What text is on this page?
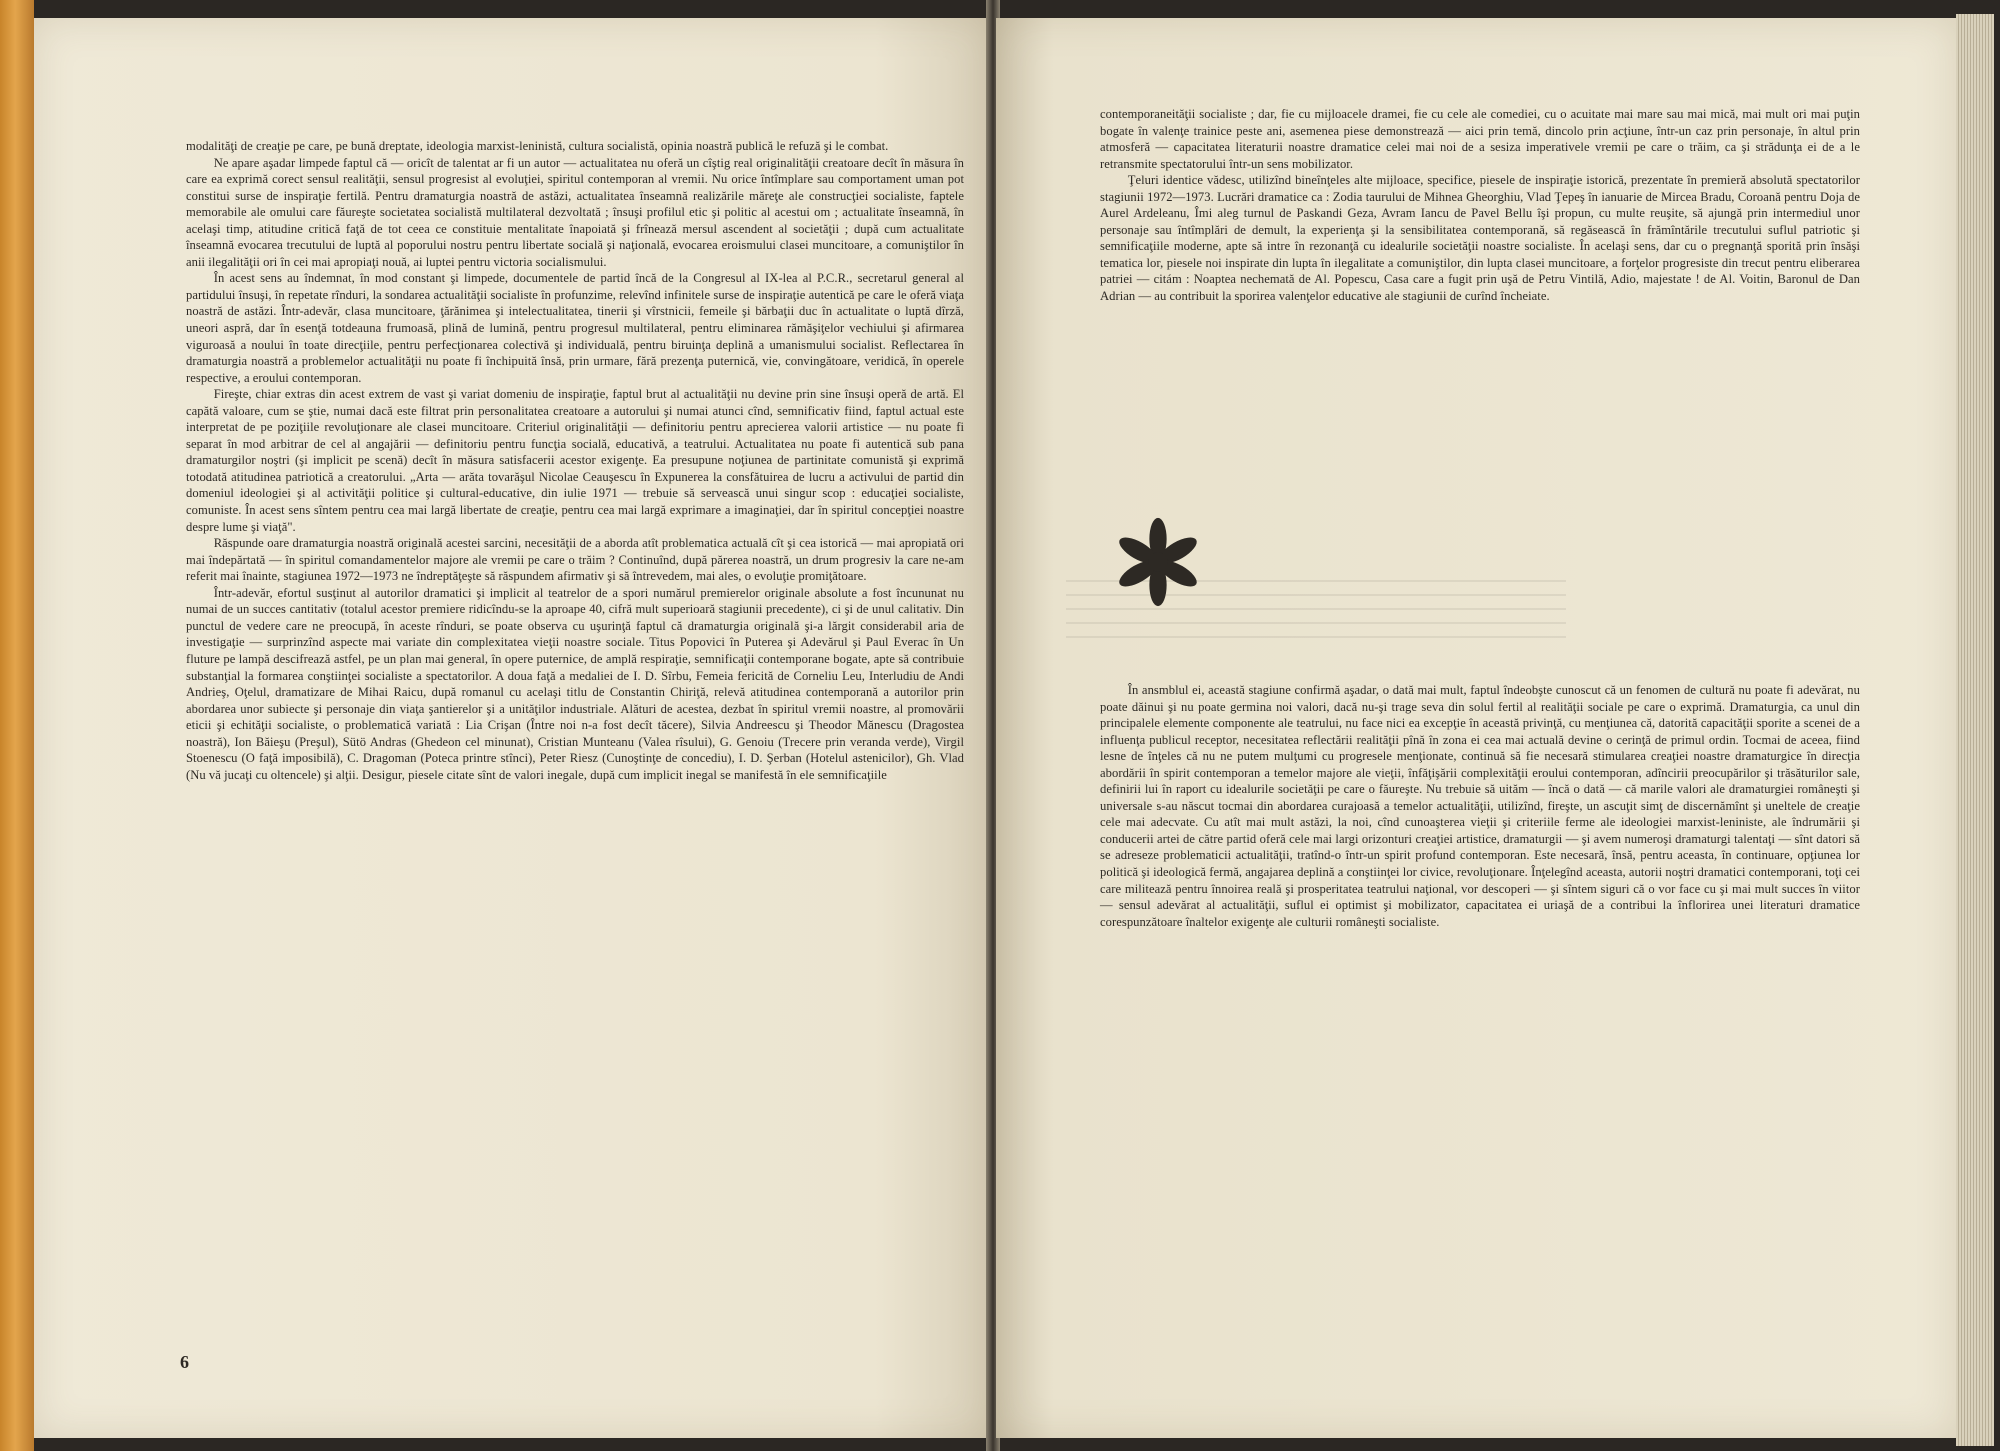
modalităţi de creaţie pe care, pe bună dreptate, ideologia marxist-leninistă, cultura socialistă, opinia noastră publică le refuză şi le combat.

Ne apare aşadar limpede faptul că — oricît de talentat ar fi un autor — actualitatea nu oferă un cîştig real originalităţii creatoare decît în măsura în care ea exprimă corect sensul realităţii, sensul progresist al evoluţiei, spiritul contemporan al vremii. Nu orice întîmplare sau comportament uman pot constitui surse de inspiraţie fertilă. Pentru dramaturgia noastră de astăzi, actualitatea înseamnă realizările măreţe ale construcţiei socialiste, faptele memorabile ale omului care făureşte societatea socialistă multilateral dezvoltată ; însuşi profilul etic şi politic al acestui om ; actualitate înseamnă, în acelaşi timp, atitudine critică faţă de tot ceea ce constituie mentalitate înapoiată şi frînează mersul ascendent al societăţii ; după cum actualitate înseamnă evocarea trecutului de luptă al poporului nostru pentru libertate socială şi naţională, evocarea eroismului clasei muncitoare, a comuniştilor în anii ilegalităţii ori în cei mai apropiaţi nouă, ai luptei pentru victoria socialismului.

În acest sens au îndemnat, în mod constant şi limpede, documentele de partid încă de la Congresul al IX-lea al P.C.R., secretarul general al partidului însuşi, în repetate rînduri, la sondarea actualităţii socialiste în profunzime, relevînd infinitele surse de inspiraţie autentică pe care le oferă viaţa noastră de astăzi. Într-adevăr, clasa muncitoare, ţărănimea şi intelectualitatea, tinerii şi vîrstnicii, femeile şi bărbaţii duc în actualitate o luptă dîrză, uneori aspră, dar în esenţă totdeauna frumoasă, plină de lumină, pentru progresul multilateral, pentru eliminarea rămăşiţelor vechiului şi afirmarea viguroasă a noului în toate direcţiile, pentru perfecţionarea colectivă şi individuală, pentru biruinţa deplină a umanismului socialist. Reflectarea în dramaturgia noastră a problemelor actualităţii nu poate fi închipuită însă, prin urmare, fără prezenţa puternică, vie, convingătoare, veridică, în operele respective, a eroului contemporan.

Fireşte, chiar extras din acest extrem de vast şi variat domeniu de inspiraţie, faptul brut al actualităţii nu devine prin sine însuşi operă de artă. El capătă valoare, cum se ştie, numai dacă este filtrat prin personalitatea creatoare a autorului şi numai atunci cînd, semnificativ fiind, faptul actual este interpretat de pe poziţiile revoluţionare ale clasei muncitoare. Criteriul originalităţii — definitoriu pentru aprecierea valorii artistice — nu poate fi separat în mod arbitrar de cel al angajării — definitoriu pentru funcţia socială, educativă, a teatrului. Actualitatea nu poate fi autentică sub pana dramaturgilor noştri (şi implicit pe scenă) decît în măsura satisfacerii acestor exigenţe. Ea presupune noţiunea de partinitate comunistă şi exprimă totodată atitudinea patriotică a creatorului. „Arta — arăta tovarăşul Nicolae Ceauşescu în Expunerea la consfătuirea de lucru a activului de partid din domeniul ideologiei şi al activităţii politice şi cultural-educative, din iulie 1971 — trebuie să servească unui singur scop : educaţiei socialiste, comuniste. În acest sens sîntem pentru cea mai largă libertate de creaţie, pentru cea mai largă exprimare a imaginaţiei, dar în spiritul concepţiei noastre despre lume şi viaţă".

Răspunde oare dramaturgia noastră originală acestei sarcini, necesităţii de a aborda atît problematica actuală cît şi cea istorică — mai apropiată ori mai îndepărtată — în spiritul comandamentelor majore ale vremii pe care o trăim ? Continuînd, după părerea noastră, un drum progresiv la care ne-am referit mai înainte, stagiunea 1972—1973 ne îndreptăţeşte să răspundem afirmativ şi să întrevedem, mai ales, o evoluţie promiţătoare.

Într-adevăr, efortul susţinut al autorilor dramatici şi implicit al teatrelor de a spori numărul premierelor originale absolute a fost încununat nu numai de un succes cantitativ (totalul acestor premiere ridicîndu-se la aproape 40, cifră mult superioară stagiunii precedente), ci şi de unul calitativ. Din punctul de vedere care ne preocupă, în aceste rînduri, se poate observa cu uşurinţă faptul că dramaturgia originală şi-a lărgit considerabil aria de investigaţie — surprinzînd aspecte mai variate din complexitatea vieţii noastre sociale. Titus Popovici în Puterea şi Adevărul şi Paul Everac în Un fluture pe lampă descifrează astfel, pe un plan mai general, în opere puternice, de amplă respiraţie, semnificaţii contemporane bogate, apte să contribuie substanţial la formarea conştiinţei socialiste a spectatorilor. A doua faţă a medaliei de I. D. Sîrbu, Femeia fericită de Corneliu Leu, Interludiu de Andi Andrieş, Oţelul, dramatizare de Mihai Raicu, după romanul cu acelaşi titlu de Constantin Chiriţă, relevă atitudinea contemporană a autorilor prin abordarea unor subiecte şi personaje din viaţa şantierelor şi a unităţilor industriale. Alături de acestea, dezbat în spiritul vremii noastre, al promovării eticii şi echităţii socialiste, o problematică variată : Lia Crişan (Între noi n-a fost decît tăcere), Silvia Andreescu şi Theodor Mănescu (Dragostea noastră), Ion Băieşu (Preşul), Sütö Andras (Ghedeon cel minunat), Cristian Munteanu (Valea rîsului), G. Genoiu (Trecere prin veranda verde), Virgil Stoenescu (O faţă imposibilă), C. Dragoman (Poteca printre stînci), Peter Riesz (Cunoştinţe de concediu), I. D. Şerban (Hotelul astenicilor), Gh. Vlad (Nu vă jucaţi cu oltencele) şi alţii. Desigur, piesele citate sînt de valori inegale, după cum implicit inegal se manifestă în ele semnificaţiile

6

contemporaneităţii socialiste ; dar, fie cu mijloacele dramei, fie cu cele ale comediei, cu o acuitate mai mare sau mai mică, mai mult ori mai puţin bogate în valenţe trainice peste ani, asemenea piese demonstrează — aici prin temă, dincolo prin acţiune, într-un caz prin personaje, în altul prin atmosferă — capacitatea literaturii noastre dramatice celei mai noi de a sesiza imperativele vremii pe care o trăim, ca şi strădunţa ei de a le retransmite spectatorului într-un sens mobilizator.

Ţeluri identice vădesc, utilizînd bineînţeles alte mijloace, specifice, piesele de inspiraţie istorică, prezentate în premieră absolută spectatorilor stagiunii 1972—1973. Lucrări dramatice ca : Zodia taurului de Mihnea Gheorghiu, Vlad Ţepeş în ianuarie de Mircea Bradu, Coroană pentru Doja de Aurel Ardeleanu, Îmi aleg turnul de Paskandi Geza, Avram Iancu de Pavel Bellu îşi propun, cu multe reuşite, să ajungă prin intermediul unor personaje sau întîmplări de demult, la experienţa şi la sensibilitatea contemporană, să regăsească în frămîntările trecutului suflul patriotic şi semnificaţiile moderne, apte să intre în rezonanţă cu idealurile societăţii noastre socialiste. În acelaşi sens, dar cu o pregnanţă sporită prin însăşi tematica lor, piesele noi inspirate din lupta în ilegalitate a comuniştilor, din lupta clasei muncitoare, a forţelor progresiste din trecut pentru eliberarea patriei — citám : Noaptea nechemată de Al. Popescu, Casa care a fugit prin uşă de Petru Vintilă, Adio, majestate ! de Al. Voitin, Baronul de Dan Adrian — au contribuit la sporirea valenţelor educative ale stagiunii de curînd încheiate.

În ansmblul ei, această stagiune confirmă aşadar, o dată mai mult, faptul îndeobşte cunoscut că un fenomen de cultură nu poate fi adevărat, nu poate dăinui şi nu poate germina noi valori, dacă nu-şi trage seva din solul fertil al realităţii sociale pe care o exprimă. Dramaturgia, ca unul din principalele elemente componente ale teatrului, nu face nici ea excepţie în această privinţă, cu menţiunea că, datorită capacităţii sporite a scenei de a influenţa publicul receptor, necesitatea reflectării realităţii pînă în zona ei cea mai actuală devine o cerinţă de primul ordin. Tocmai de aceea, fiind lesne de înţeles că nu ne putem mulţumi cu progresele menţionate, continuă să fie necesară stimularea creaţiei noastre dramaturgice în direcţia abordării în spirit contemporan a temelor majore ale vieţii, înfăţişării complexităţii eroului contemporan, adîncirii preocupărilor şi trăsăturilor sale, definirii lui în raport cu idealurile societăţii pe care o făureşte. Nu trebuie să uităm — încă o dată — că marile valori ale dramaturgiei româneşti şi universale s-au născut tocmai din abordarea curajoasă a temelor actualităţii, utilizînd, fireşte, un ascuţit simţ de discernămînt şi uneltele de creaţie cele mai adecvate. Cu atît mai mult astăzi, la noi, cînd cunoaşterea vieţii şi criteriile ferme ale ideologiei marxist-leniniste, ale îndrumării şi conducerii artei de către partid oferă cele mai largi orizonturi creaţiei artistice, dramaturgii — şi avem numeroşi dramaturgi talentaţi — sînt datori să se adreseze problematicii actualităţii, tratînd-o într-un spirit profund contemporan. Este necesară, însă, pentru aceasta, în continuare, opţiunea lor politică şi ideologică fermă, angajarea deplină a conştiinţei lor civice, revoluţionare. Înţelegînd aceasta, autorii noştri dramatici contemporani, toţi cei care militează pentru înnoirea reală şi prosperitatea teatrului naţional, vor descoperi — şi sîntem siguri că o vor face cu şi mai mult succes în viitor — sensul adevărat al actualităţii, suflul ei optimist şi mobilizator, capacitatea ei uriaşă de a contribui la înflorirea unei literaturi dramatice corespunzătoare înaltelor exigenţe ale culturii româneşti socialiste.
